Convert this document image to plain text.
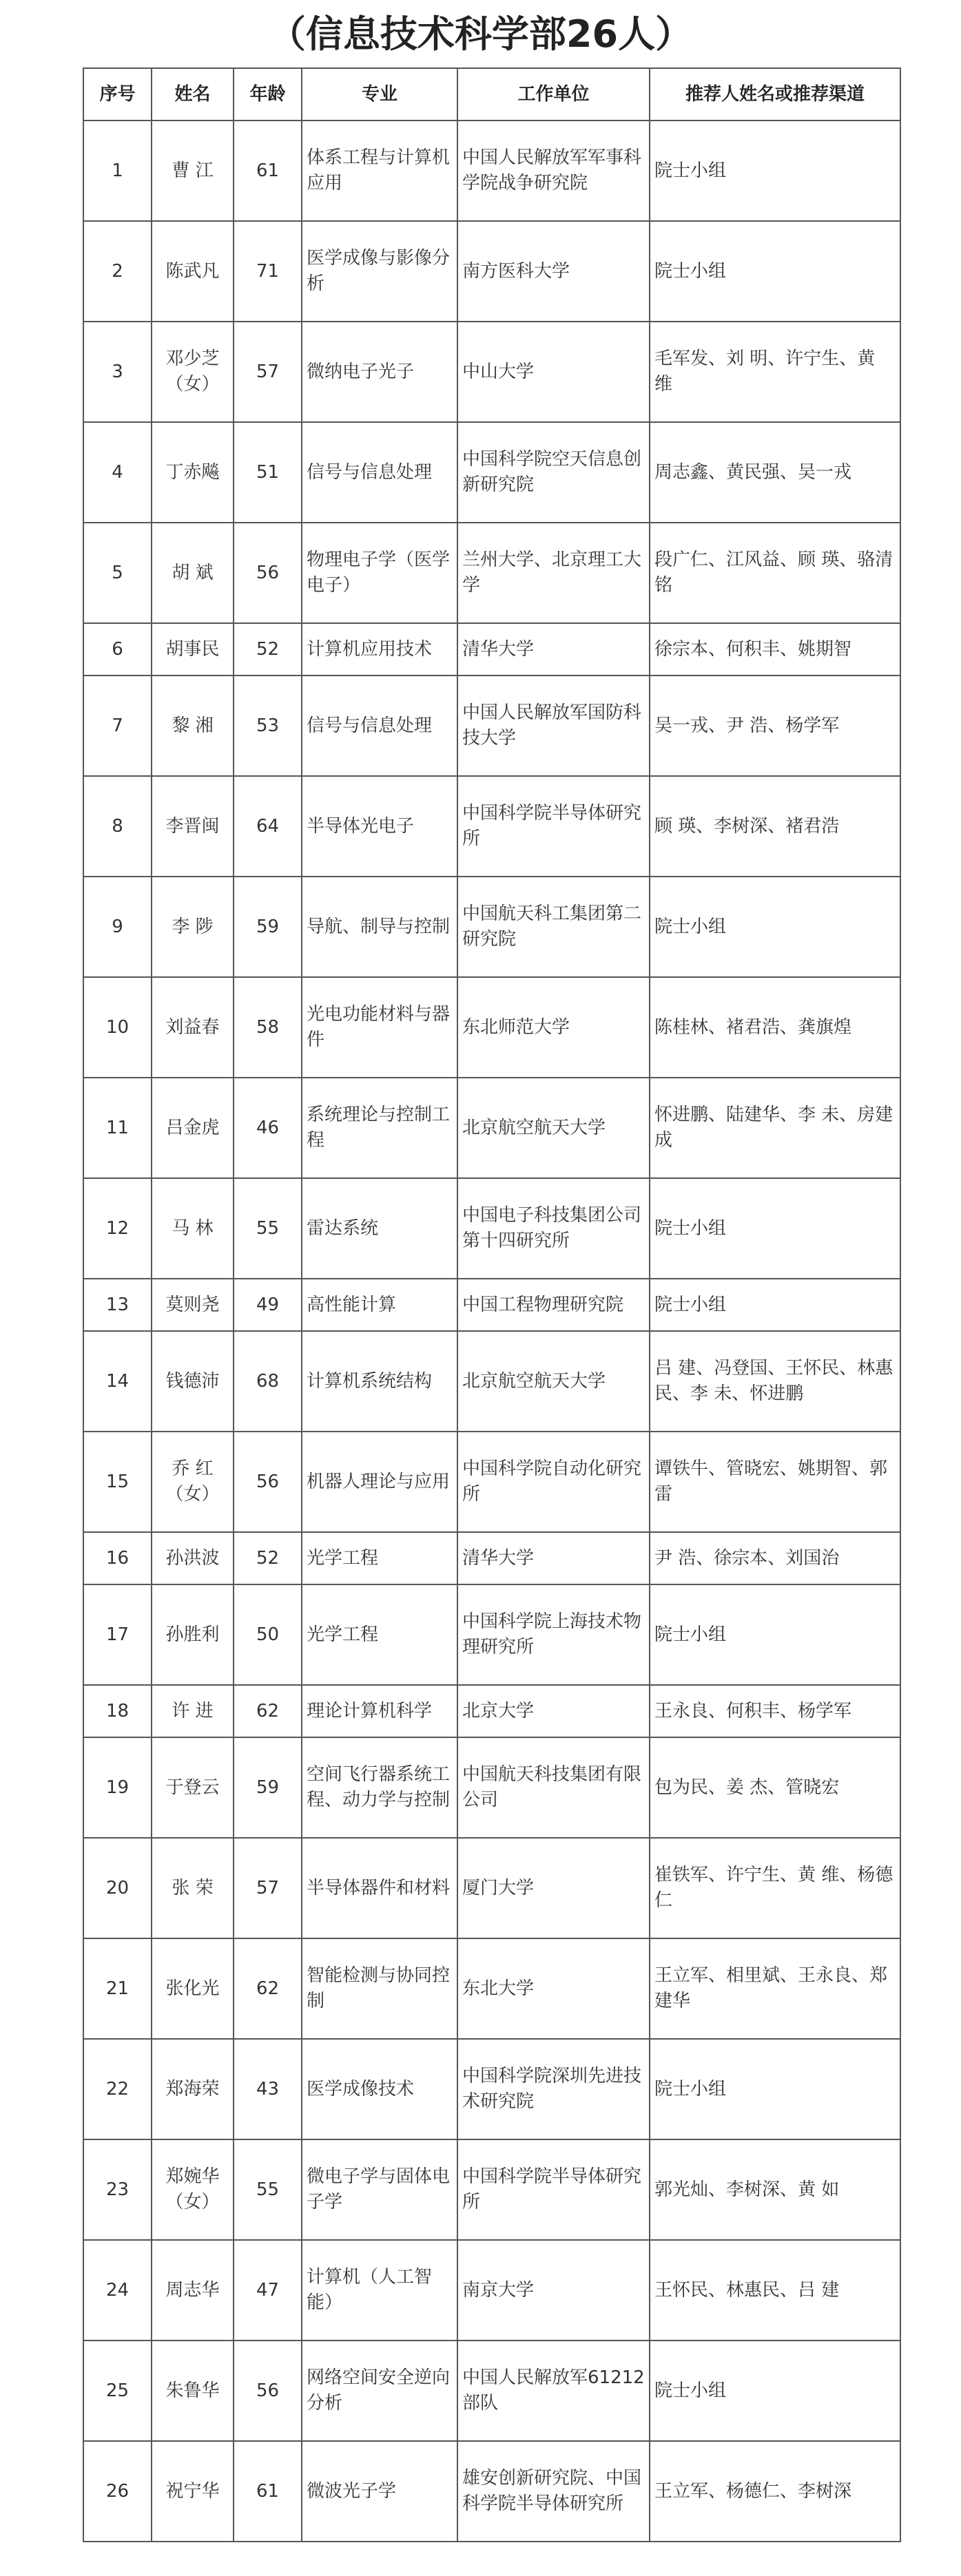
（信息技术科学部26人）
序号	姓名	年龄	专业	工作单位	推荐人姓名或推荐渠道
1	曹 江	61	体系工程与计算机应用	中国人民解放军军事科学院战争研究院	院士小组
2	陈武凡	71	医学成像与影像分析	南方医科大学	院士小组
3	邓少芝（女）	57	微纳电子光子	中山大学	毛军发、刘 明、许宁生、黄 维
4	丁赤飚	51	信号与信息处理	中国科学院空天信息创新研究院	周志鑫、黄民强、吴一戎
5	胡 斌	56	物理电子学（医学电子）	兰州大学、北京理工大学	段广仁、江风益、顾 瑛、骆清铭
6	胡事民	52	计算机应用技术	清华大学	徐宗本、何积丰、姚期智
7	黎 湘	53	信号与信息处理	中国人民解放军国防科技大学	吴一戎、尹 浩、杨学军
8	李晋闽	64	半导体光电子	中国科学院半导体研究所	顾 瑛、李树深、褚君浩
9	李 陟	59	导航、制导与控制	中国航天科工集团第二研究院	院士小组
10	刘益春	58	光电功能材料与器件	东北师范大学	陈桂林、褚君浩、龚旗煌
11	吕金虎	46	系统理论与控制工程	北京航空航天大学	怀进鹏、陆建华、李 未、房建成
12	马 林	55	雷达系统	中国电子科技集团公司第十四研究所	院士小组
13	莫则尧	49	高性能计算	中国工程物理研究院	院士小组
14	钱德沛	68	计算机系统结构	北京航空航天大学	吕 建、冯登国、王怀民、林惠民、李 未、怀进鹏
15	乔 红（女）	56	机器人理论与应用	中国科学院自动化研究所	谭铁牛、管晓宏、姚期智、郭 雷
16	孙洪波	52	光学工程	清华大学	尹 浩、徐宗本、刘国治
17	孙胜利	50	光学工程	中国科学院上海技术物理研究所	院士小组
18	许 进	62	理论计算机科学	北京大学	王永良、何积丰、杨学军
19	于登云	59	空间飞行器系统工程、动力学与控制	中国航天科技集团有限公司	包为民、姜 杰、管晓宏
20	张 荣	57	半导体器件和材料	厦门大学	崔铁军、许宁生、黄 维、杨德仁
21	张化光	62	智能检测与协同控制	东北大学	王立军、相里斌、王永良、郑建华
22	郑海荣	43	医学成像技术	中国科学院深圳先进技术研究院	院士小组
23	郑婉华（女）	55	微电子学与固体电子学	中国科学院半导体研究所	郭光灿、李树深、黄 如
24	周志华	47	计算机（人工智能）	南京大学	王怀民、林惠民、吕 建
25	朱鲁华	56	网络空间安全逆向分析	中国人民解放军61212部队	院士小组
26	祝宁华	61	微波光子学	雄安创新研究院、中国科学院半导体研究所	王立军、杨德仁、李树深
